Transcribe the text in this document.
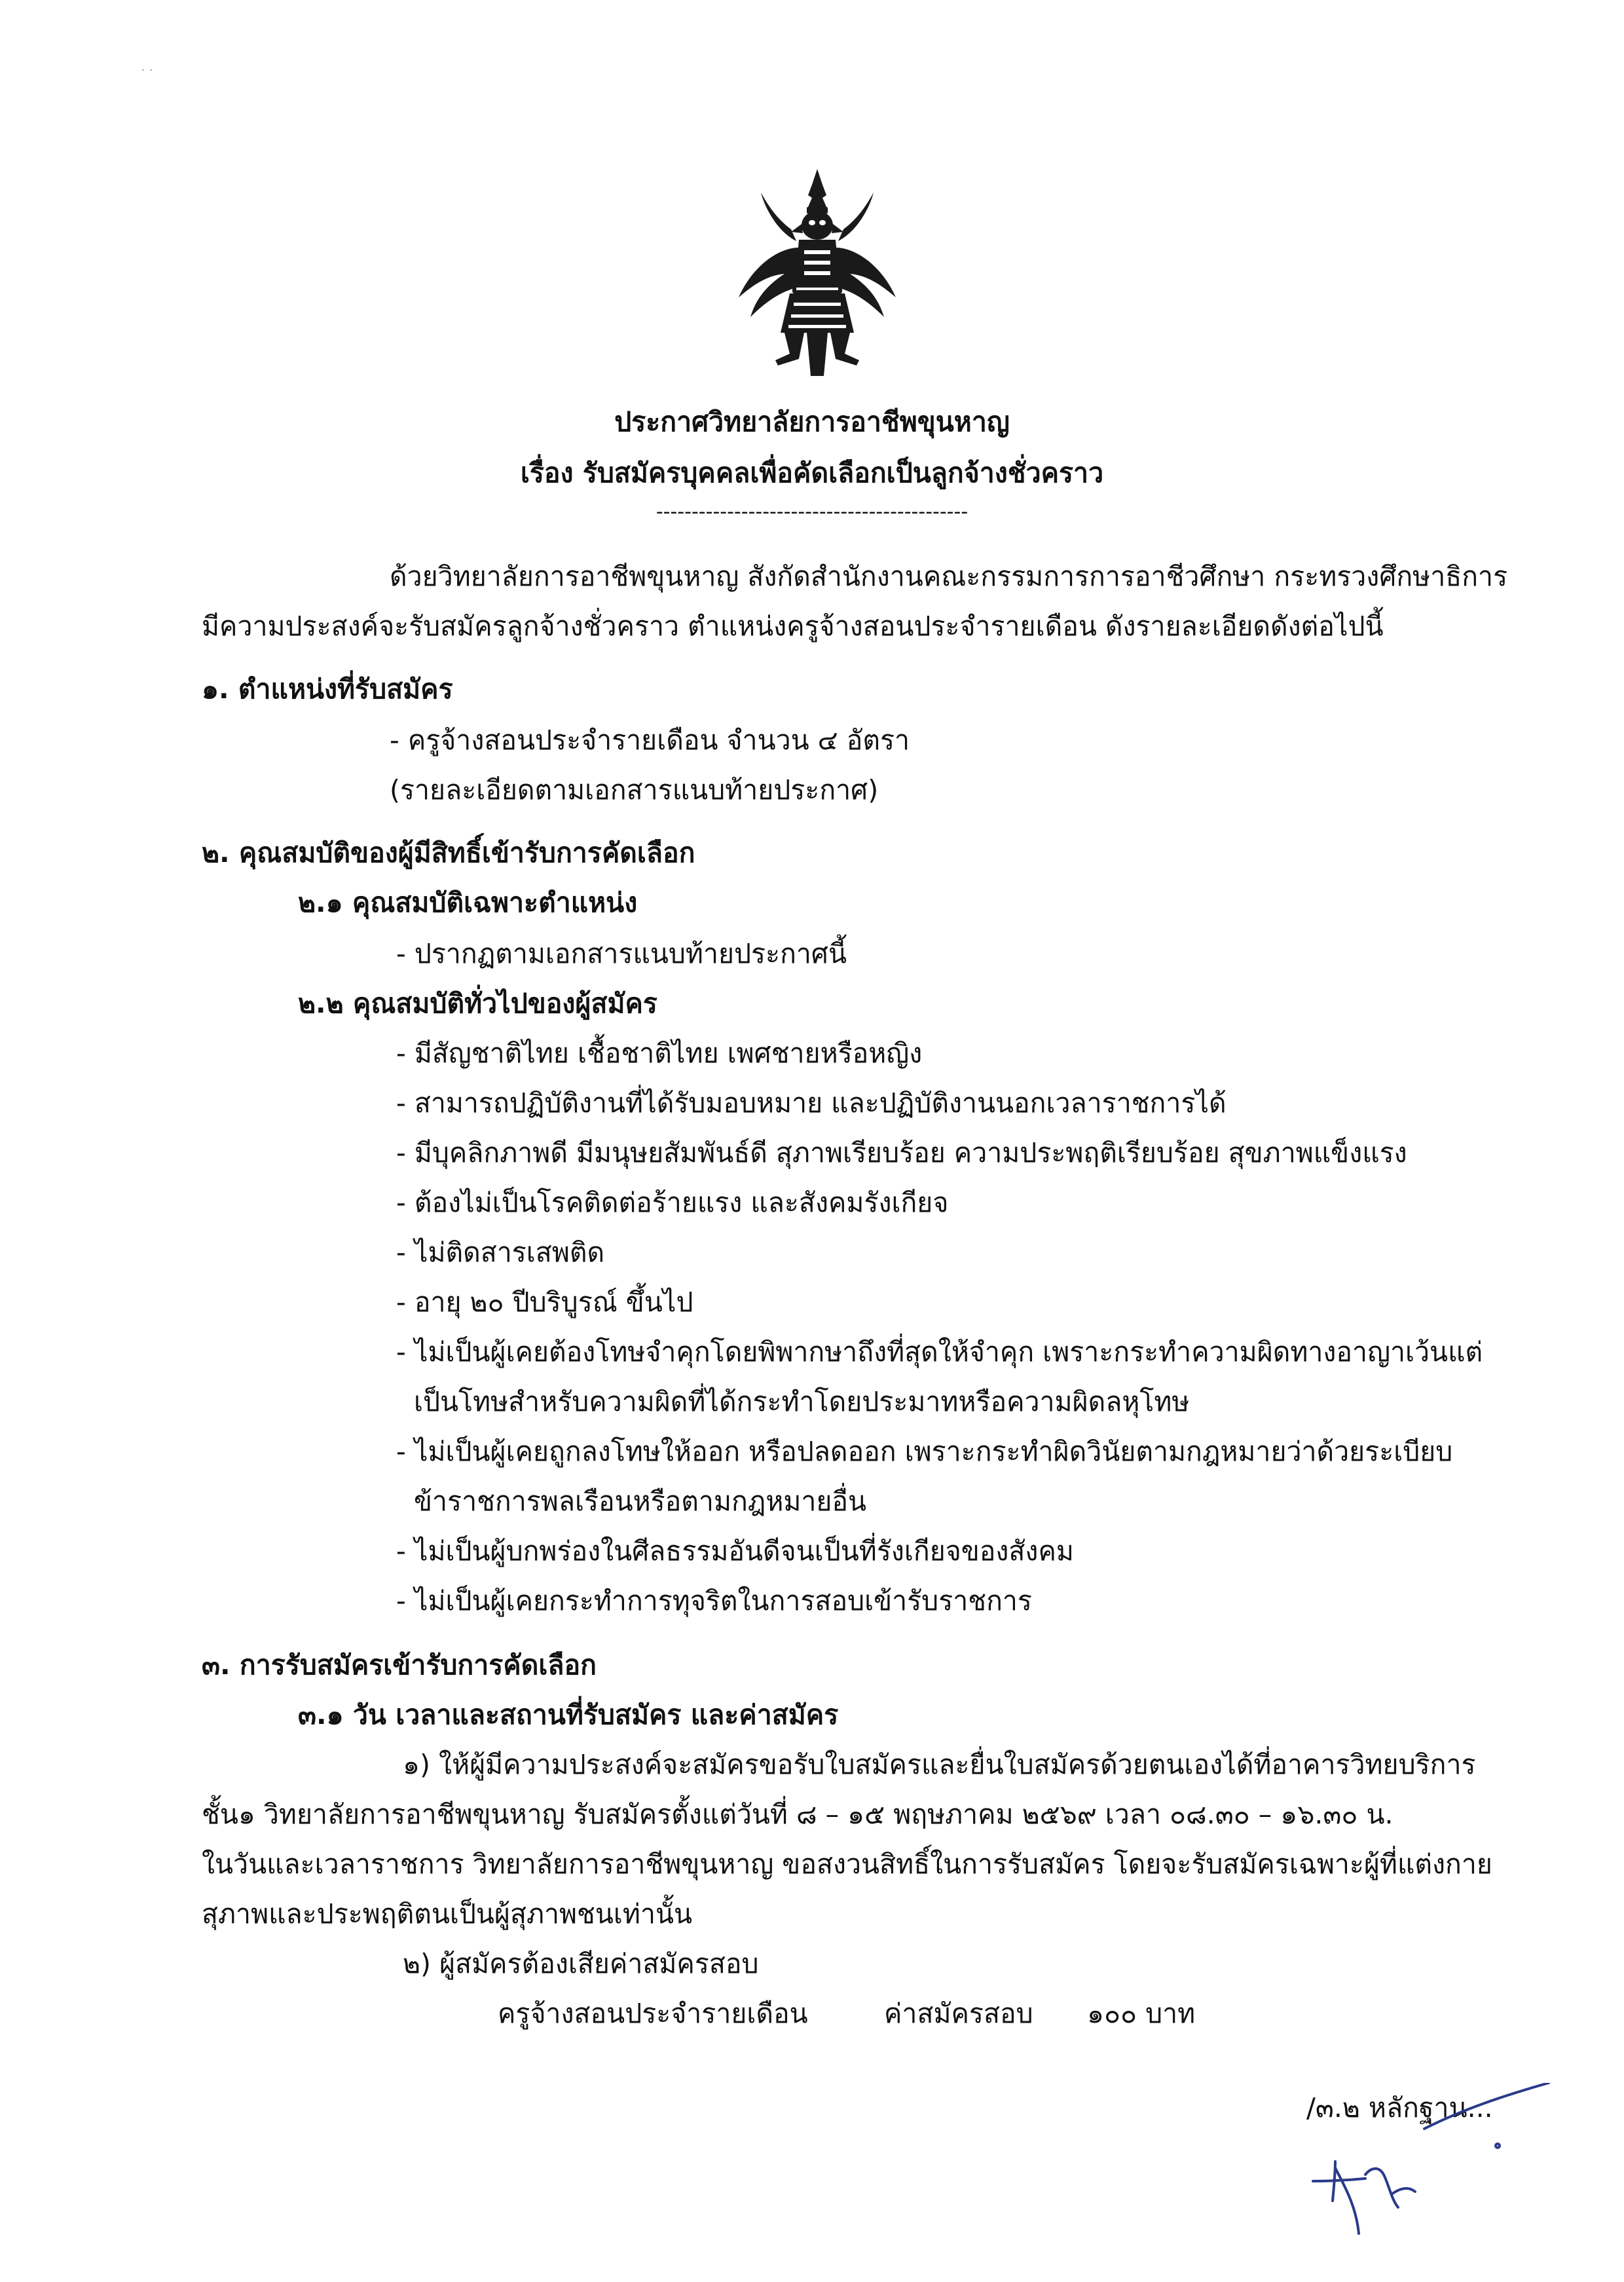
· ·
ประกาศวิทยาลัยการอาชีพขุนหาญ
เรื่อง รับสมัครบุคคลเพื่อคัดเลือกเป็นลูกจ้างชั่วคราว
--------------------------------------------
ด้วยวิทยาลัยการอาชีพขุนหาญ สังกัดสำนักงานคณะกรรมการการอาชีวศึกษา กระทรวงศึกษาธิการ
มีความประสงค์จะรับสมัครลูกจ้างชั่วคราว ตำแหน่งครูจ้างสอนประจำรายเดือน ดังรายละเอียดดังต่อไปนี้
๑. ตำแหน่งที่รับสมัคร
- ครูจ้างสอนประจำรายเดือน จำนวน ๔ อัตรา
(รายละเอียดตามเอกสารแนบท้ายประกาศ)
๒. คุณสมบัติของผู้มีสิทธิ์เข้ารับการคัดเลือก
๒.๑ คุณสมบัติเฉพาะตำแหน่ง
- ปรากฏตามเอกสารแนบท้ายประกาศนี้
๒.๒ คุณสมบัติทั่วไปของผู้สมัคร
- มีสัญชาติไทย เชื้อชาติไทย เพศชายหรือหญิง
- สามารถปฏิบัติงานที่ได้รับมอบหมาย และปฏิบัติงานนอกเวลาราชการได้
- มีบุคลิกภาพดี มีมนุษยสัมพันธ์ดี สุภาพเรียบร้อย ความประพฤติเรียบร้อย สุขภาพแข็งแรง
- ต้องไม่เป็นโรคติดต่อร้ายแรง และสังคมรังเกียจ
- ไม่ติดสารเสพติด
- อายุ ๒๐ ปีบริบูรณ์ ขึ้นไป
- ไม่เป็นผู้เคยต้องโทษจำคุกโดยพิพากษาถึงที่สุดให้จำคุก เพราะกระทำความผิดทางอาญาเว้นแต่
เป็นโทษสำหรับความผิดที่ได้กระทำโดยประมาทหรือความผิดลหุโทษ
- ไม่เป็นผู้เคยถูกลงโทษให้ออก หรือปลดออก เพราะกระทำผิดวินัยตามกฎหมายว่าด้วยระเบียบ
ข้าราชการพลเรือนหรือตามกฎหมายอื่น
- ไม่เป็นผู้บกพร่องในศีลธรรมอันดีจนเป็นที่รังเกียจของสังคม
- ไม่เป็นผู้เคยกระทำการทุจริตในการสอบเข้ารับราชการ
๓. การรับสมัครเข้ารับการคัดเลือก
๓.๑ วัน เวลาและสถานที่รับสมัคร และค่าสมัคร
๑) ให้ผู้มีความประสงค์จะสมัครขอรับใบสมัครและยื่นใบสมัครด้วยตนเองได้ที่อาคารวิทยบริการ
ชั้น๑ วิทยาลัยการอาชีพขุนหาญ รับสมัครตั้งแต่วันที่ ๘ – ๑๕ พฤษภาคม ๒๕๖๙ เวลา ๐๘.๓๐ – ๑๖.๓๐ น.
ในวันและเวลาราชการ วิทยาลัยการอาชีพขุนหาญ ขอสงวนสิทธิ์ในการรับสมัคร โดยจะรับสมัครเฉพาะผู้ที่แต่งกาย
สุภาพและประพฤติตนเป็นผู้สุภาพชนเท่านั้น
๒) ผู้สมัครต้องเสียค่าสมัครสอบ
ครูจ้างสอนประจำรายเดือน	ค่าสมัครสอบ ๑๐๐ บาท
/๓.๒ หลักฐาน...
